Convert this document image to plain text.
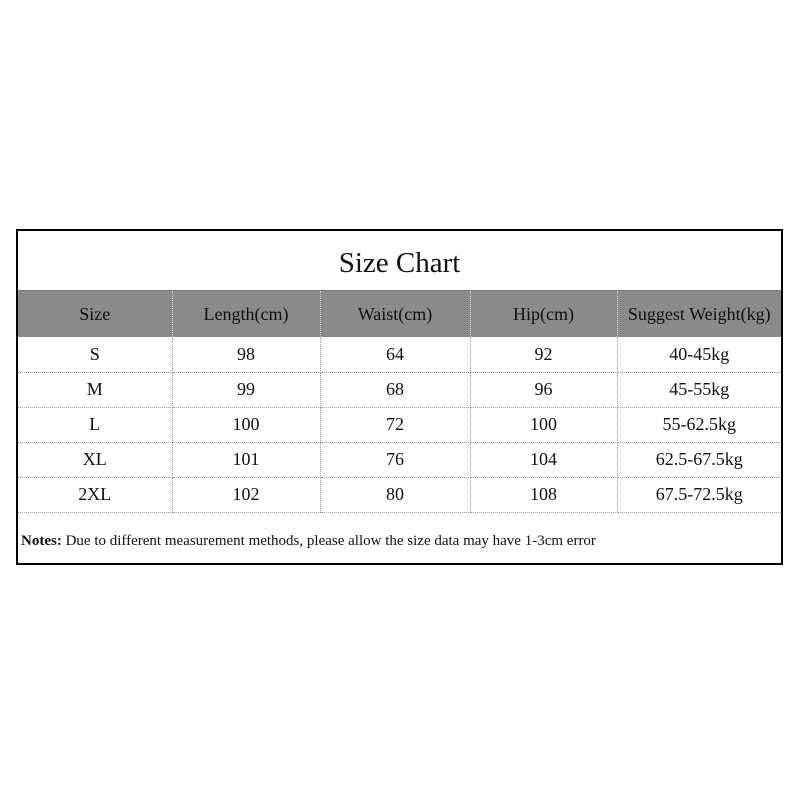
Size Chart
Size	Length(cm)	Waist(cm)	Hip(cm)	Suggest Weight(kg)
S	98	64	92	40-45kg
M	99	68	96	45-55kg
L	100	72	100	55-62.5kg
XL	101	76	104	62.5-67.5kg
2XL	102	80	108	67.5-72.5kg
Notes: Due to different measurement methods, please allow the size data may have 1-3cm error
